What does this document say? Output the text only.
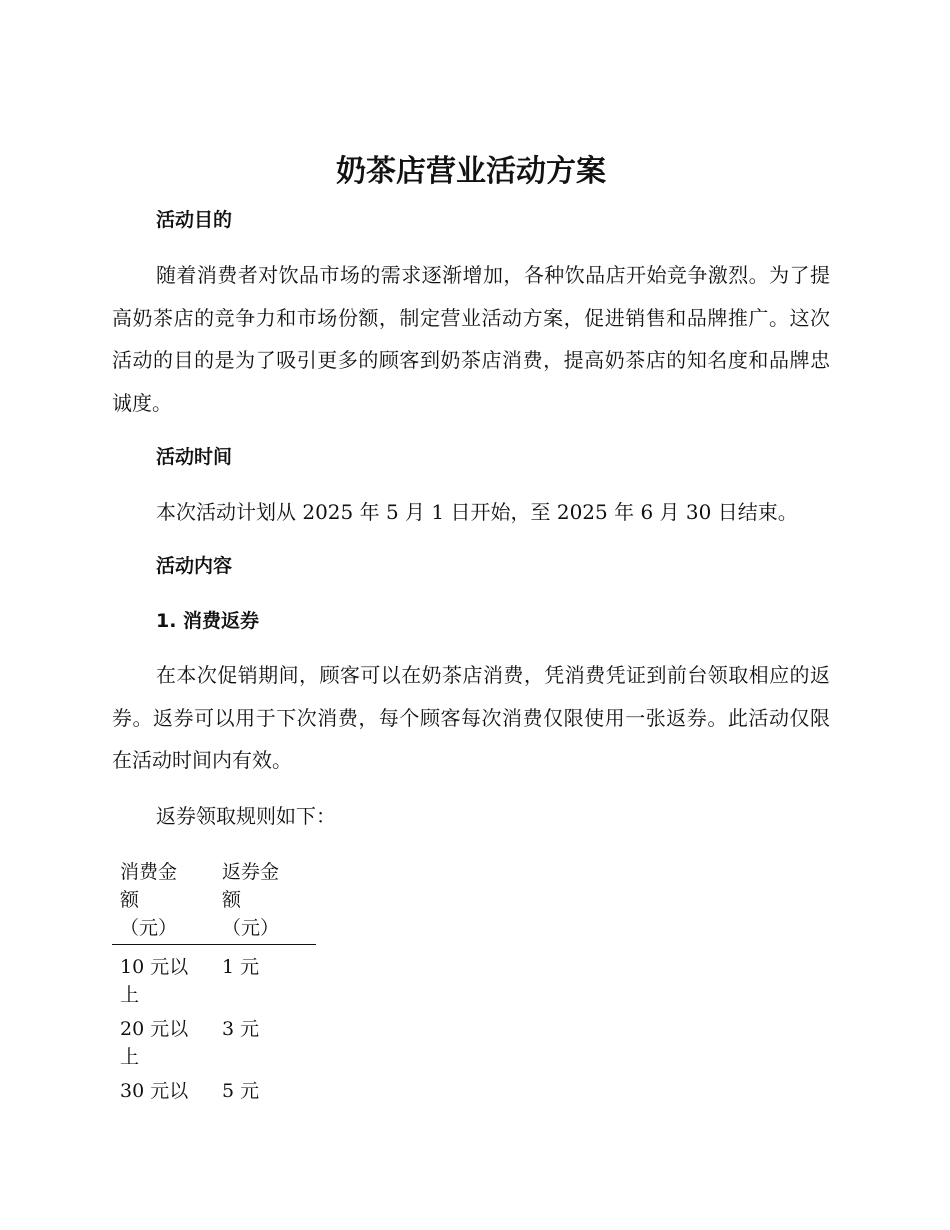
奶茶店营业活动方案
活动目的

随着消费者对饮品市场的需求逐渐增加，各种饮品店开始竞争激烈。为了提高奶茶店的竞争力和市场份额，制定营业活动方案，促进销售和品牌推广。这次活动的目的是为了吸引更多的顾客到奶茶店消费，提高奶茶店的知名度和品牌忠诚度。

活动时间

本次活动计划从 2025 年 5 月 1 日开始，至 2025 年 6 月 30 日结束。

活动内容
1. 消费返券

在本次促销期间，顾客可以在奶茶店消费，凭消费凭证到前台领取相应的返券。返券可以用于下次消费，每个顾客每次消费仅限使用一张返券。此活动仅限在活动时间内有效。

返券领取规则如下：

消费金
额
（元）	返券金
额
（元）

10 元以上	1 元
20 元以上	3 元
30 元以	5 元
